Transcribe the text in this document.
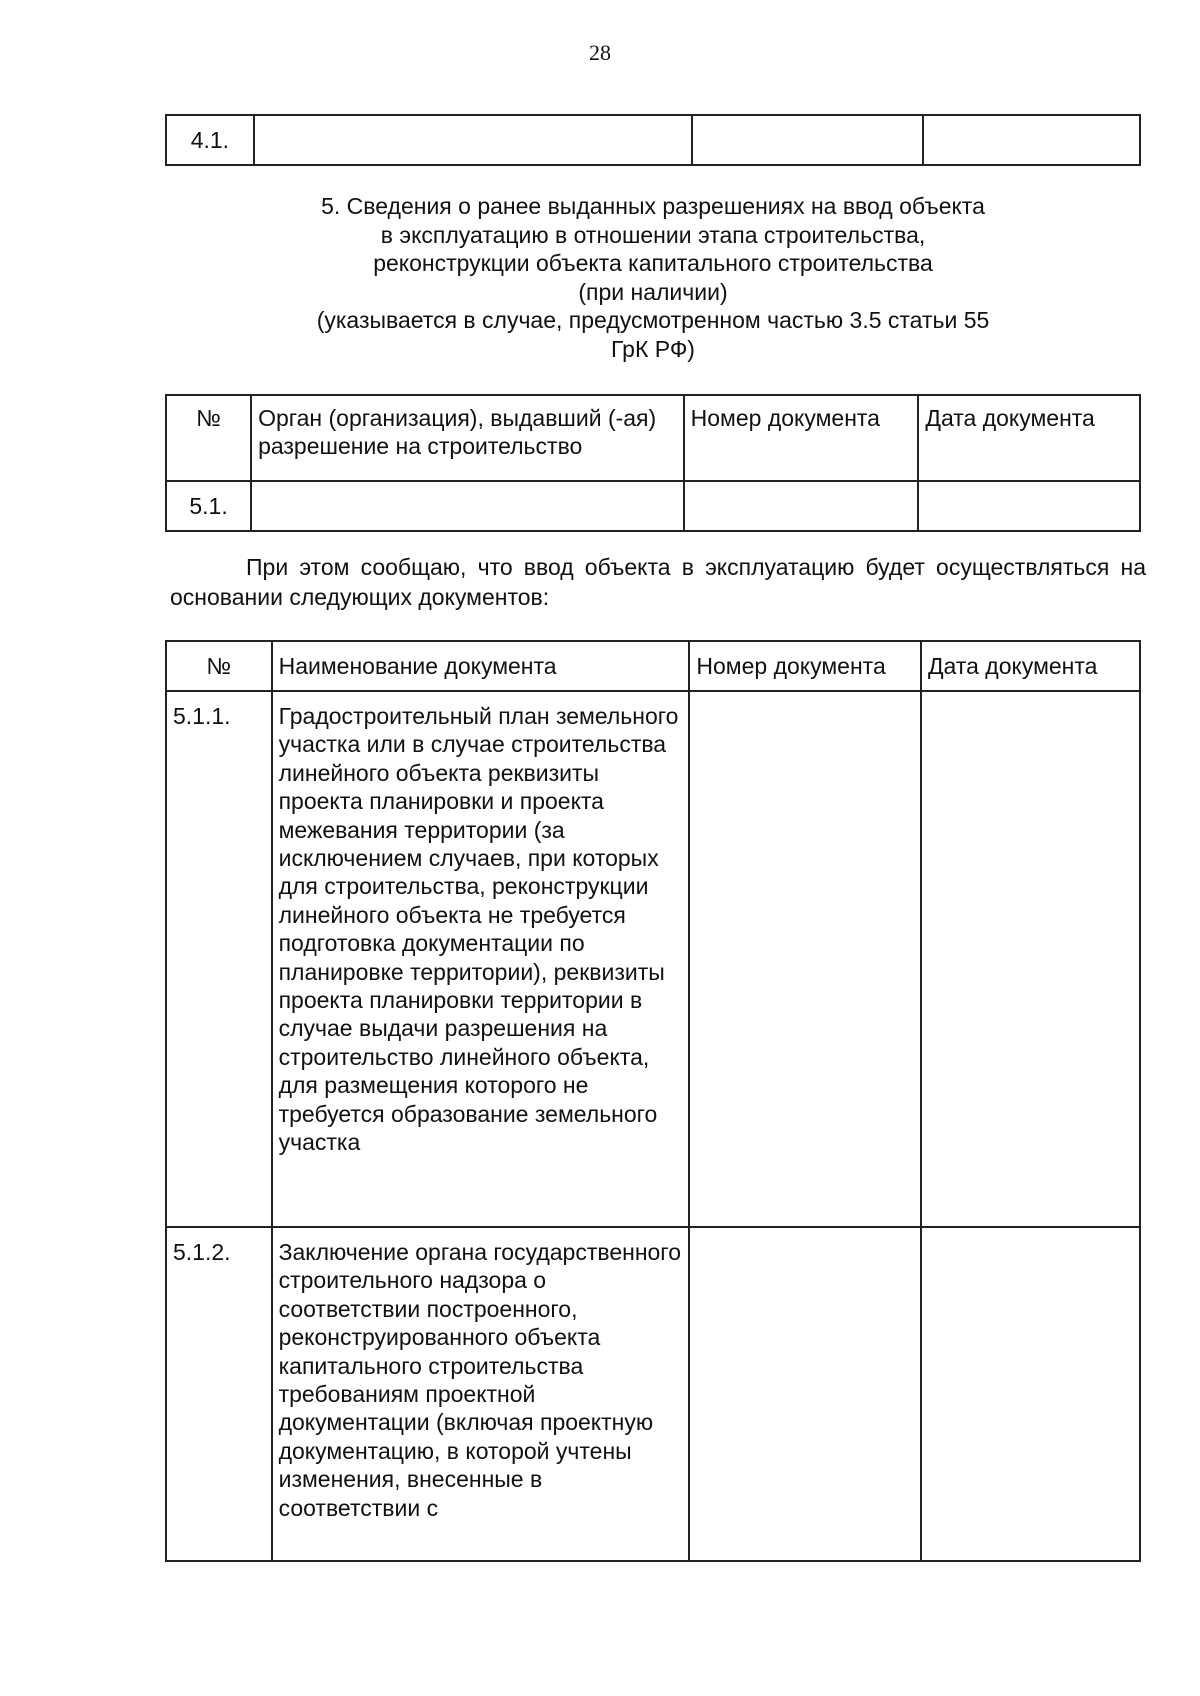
28
4.1.			
5. Сведения о ранее выданных разрешениях на ввод объекта
в эксплуатацию в отношении этапа строительства,
реконструкции объекта капитального строительства
(при наличии)
(указывается в случае, предусмотренном частью 3.5 статьи 55
ГрК РФ)
№	Орган (организация), выдавший (-ая) разрешение на строительство	Номер документа	Дата документа
5.1.			
При этом сообщаю, что ввод объекта в эксплуатацию будет осуществляться на основании следующих документов:
№	Наименование документа	Номер документа	Дата документа
5.1.1.	Градостроительный план земельного участка или в случае строительства линейного объекта реквизиты проекта планировки и проекта межевания территории (за исключением случаев, при которых для строительства, реконструкции линейного объекта не требуется подготовка документации по планировке территории), реквизиты проекта планировки территории в случае выдачи разрешения на строительство линейного объекта, для размещения которого не требуется образование земельного участка		
5.1.2.	Заключение органа государственного строительного надзора о соответствии построенного, реконструированного объекта капитального строительства требованиям проектной документации (включая проектную документацию, в которой учтены изменения, внесенные в соответствии с		
